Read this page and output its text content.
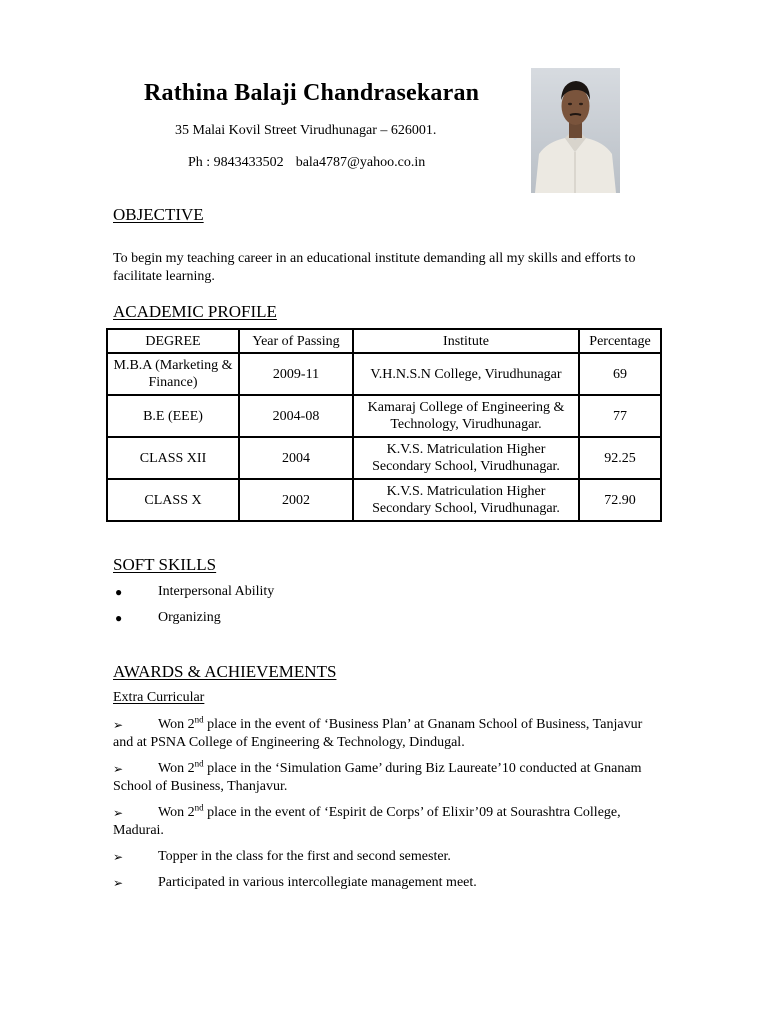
Rathina Balaji Chandrasekaran
35 Malai Kovil Street Virudhunagar – 626001.
Ph : 9843433502 bala4787@yahoo.co.in
OBJECTIVE
To begin my teaching career in an educational institute demanding all my skills and efforts to facilitate learning.
ACADEMIC PROFILE
DEGREE	Year of Passing	Institute	Percentage
M.B.A (Marketing & Finance)	2009-11	V.H.N.S.N College, Virudhunagar	69
B.E (EEE)	2004-08	Kamaraj College of Engineering & Technology, Virudhunagar.	77
CLASS XII	2004	K.V.S. Matriculation Higher Secondary School, Virudhunagar.	92.25
CLASS X	2002	K.V.S. Matriculation Higher Secondary School, Virudhunagar.	72.90
SOFT SKILLS
●	Interpersonal Ability
●	Organizing
AWARDS & ACHIEVEMENTS
Extra Curricular
➢ Won 2nd place in the event of ‘Business Plan’ at Gnanam School of Business, Tanjavur and at PSNA College of Engineering & Technology, Dindugal.
➢ Won 2nd place in the ‘Simulation Game’ during Biz Laureate’10 conducted at Gnanam School of Business, Thanjavur.
➢ Won 2nd place in the event of ‘Espirit de Corps’ of Elixir’09 at Sourashtra College, Madurai.
➢ Topper in the class for the first and second semester.
➢ Participated in various intercollegiate management meet.
